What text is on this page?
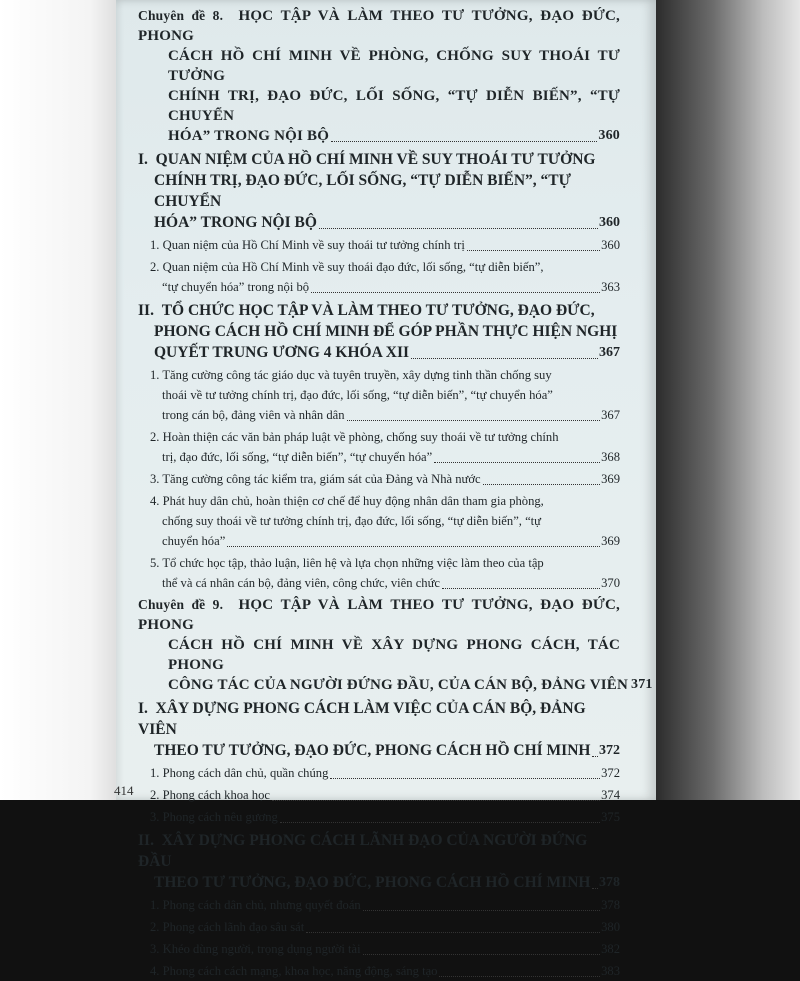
Chuyên đề 8. HỌC TẬP VÀ LÀM THEO TƯ TƯỞNG, ĐẠO ĐỨC, PHONG
CÁCH HỒ CHÍ MINH VỀ PHÒNG, CHỐNG SUY THOÁI TƯ TƯỞNG
CHÍNH TRỊ, ĐẠO ĐỨC, LỐI SỐNG, “TỰ DIỄN BIẾN”, “TỰ CHUYỂN
HÓA” TRONG NỘI BỘ	360
I. QUAN NIỆM CỦA HỒ CHÍ MINH VỀ SUY THOÁI TƯ TƯỞNG
CHÍNH TRỊ, ĐẠO ĐỨC, LỐI SỐNG, “TỰ DIỄN BIẾN”, “TỰ CHUYỂN
HÓA” TRONG NỘI BỘ	360
1. Quan niệm của Hồ Chí Minh về suy thoái tư tưởng chính trị	360
2. Quan niệm của Hồ Chí Minh về suy thoái đạo đức, lối sống, “tự diễn biến”,
“tự chuyển hóa” trong nội bộ	363
II. TỔ CHỨC HỌC TẬP VÀ LÀM THEO TƯ TƯỞNG, ĐẠO ĐỨC,
PHONG CÁCH HỒ CHÍ MINH ĐỂ GÓP PHẦN THỰC HIỆN NGHỊ
QUYẾT TRUNG ƯƠNG 4 KHÓA XII	367
1. Tăng cường công tác giáo dục và tuyên truyền, xây dựng tinh thần chống suy
thoái về tư tưởng chính trị, đạo đức, lối sống, “tự diễn biến”, “tự chuyển hóa”
trong cán bộ, đảng viên và nhân dân	367
2. Hoàn thiện các văn bản pháp luật về phòng, chống suy thoái về tư tưởng chính
trị, đạo đức, lối sống, “tự diễn biến”, “tự chuyển hóa”	368
3. Tăng cường công tác kiểm tra, giám sát của Đảng và Nhà nước	369
4. Phát huy dân chủ, hoàn thiện cơ chế để huy động nhân dân tham gia phòng,
chống suy thoái về tư tưởng chính trị, đạo đức, lối sống, “tự diễn biến”, “tự
chuyển hóa”	369
5. Tổ chức học tập, thảo luận, liên hệ và lựa chọn những việc làm theo của tập
thể và cá nhân cán bộ, đảng viên, công chức, viên chức	370
Chuyên đề 9. HỌC TẬP VÀ LÀM THEO TƯ TƯỞNG, ĐẠO ĐỨC, PHONG
CÁCH HỒ CHÍ MINH VỀ XÂY DỰNG PHONG CÁCH, TÁC PHONG
CÔNG TÁC CỦA NGƯỜI ĐỨNG ĐẦU, CỦA CÁN BỘ, ĐẢNG VIÊN 371
I. XÂY DỰNG PHONG CÁCH LÀM VIỆC CỦA CÁN BỘ, ĐẢNG VIÊN
THEO TƯ TƯỞNG, ĐẠO ĐỨC, PHONG CÁCH HỒ CHÍ MINH 372
1. Phong cách dân chủ, quần chúng	372
2. Phong cách khoa học	374
3. Phong cách nêu gương	375
II. XÂY DỰNG PHONG CÁCH LÃNH ĐẠO CỦA NGƯỜI ĐỨNG ĐẦU
THEO TƯ TƯỞNG, ĐẠO ĐỨC, PHONG CÁCH HỒ CHÍ MINH 378
1. Phong cách dân chủ, nhưng quyết đoán	378
2. Phong cách lãnh đạo sâu sát	380
3. Khéo dùng người, trọng dụng người tài	382
4. Phong cách cách mạng, khoa học, năng động, sáng tạo	383
414
